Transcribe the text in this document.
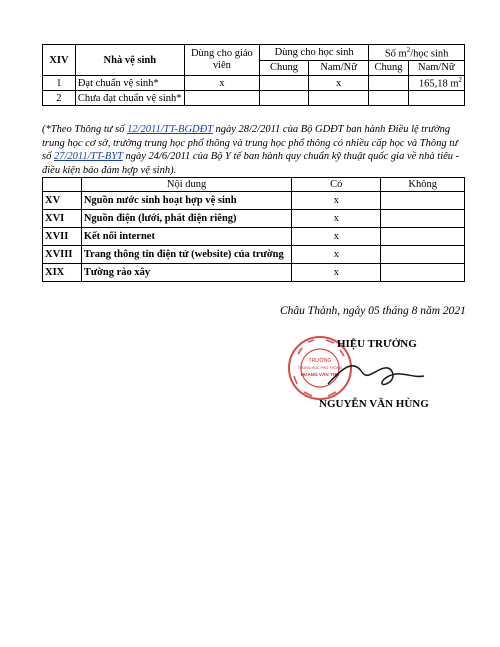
XIV	Nhà vệ sinh	Dùng cho giáo viên	Dùng cho học sinh		Số $m^2$/học sinh	
			Chung	Nam/Nữ	Chung	Nam/Nữ
1	Đạt chuẩn vệ sinh*	x		x		165,18 $m^2$
2	Chưa đạt chuẩn vệ sinh*					
(*Theo Thông tư số 12/2011/TT-BGDĐT ngày 28/2/2011 của Bộ GDĐT ban hành Điều lệ trường trung học cơ sở, trường trung học phổ thông và trung học phổ thông có nhiều cấp học và Thông tư số 27/2011/TT-BYT ngày 24/6/2011 của Bộ Y tế ban hành quy chuẩn kỹ thuật quốc gia về nhà tiêu - điều kiện bảo đảm hợp vệ sinh).
	Nội dung	Có	Không
XV	Nguồn nước sinh hoạt hợp vệ sinh	x	
XVI	Nguồn điện (lưới, phát điện riêng)	x	
XVII	Kết nối internet	x	
XVIII	Trang thông tin điện tử (website) của trường	x	
XIX	Tường rào xây	x	
Châu Thành, ngày 05 tháng 8 năm 2021
TRƯỜNG
TRUNG HỌC PHỔ THÔNG
HOÀNG VĂN THỤ
HIỆU TRƯỞNG
NGUYỄN VĂN HÙNG
